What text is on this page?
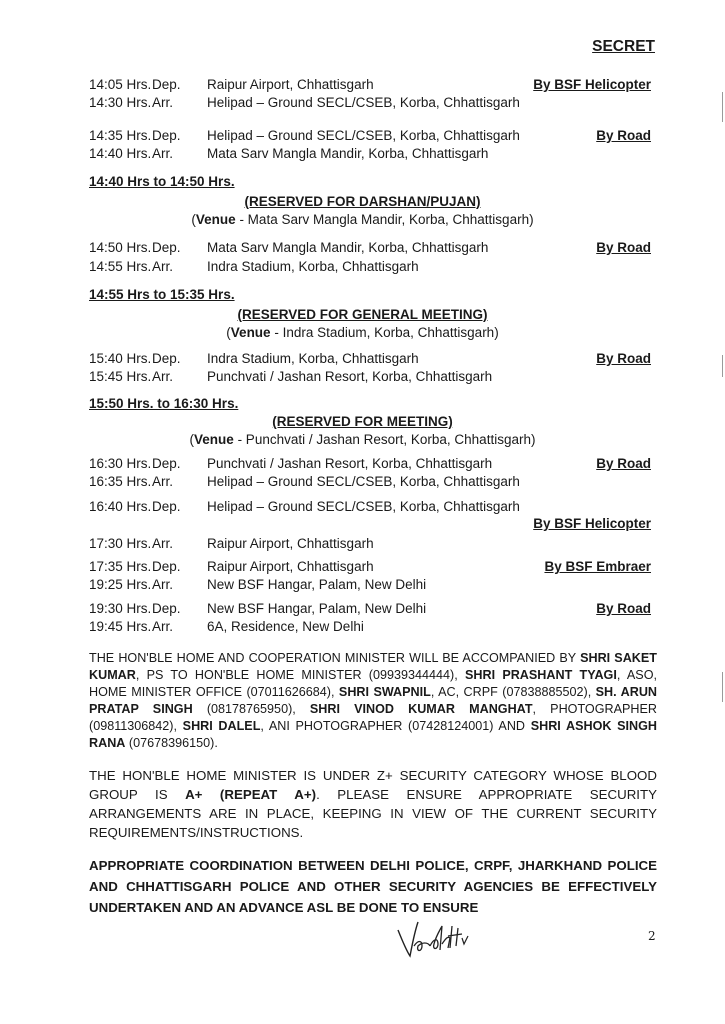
SECRET
14:05 Hrs. Dep. Raipur Airport, Chhattisgarh	By BSF Helicopter
14:30 Hrs. Arr.	Helipad – Ground SECL/CSEB, Korba, Chhattisgarh
14:35 Hrs. Dep. Helipad – Ground SECL/CSEB, Korba, Chhattisgarh	By Road
14:40 Hrs. Arr.	Mata Sarv Mangla Mandir, Korba, Chhattisgarh
14:40 Hrs to 14:50 Hrs.
(RESERVED FOR DARSHAN/PUJAN)
(Venue - Mata Sarv Mangla Mandir, Korba, Chhattisgarh)
14:50 Hrs. Dep. Mata Sarv Mangla Mandir, Korba, Chhattisgarh	By Road
14:55 Hrs. Arr.	Indra Stadium, Korba, Chhattisgarh
14:55 Hrs to 15:35 Hrs.
(RESERVED FOR GENERAL MEETING)
(Venue - Indra Stadium, Korba, Chhattisgarh)
15:40 Hrs. Dep. Indra Stadium, Korba, Chhattisgarh	By Road
15:45 Hrs. Arr.	Punchvati / Jashan Resort, Korba, Chhattisgarh
15:50 Hrs. to 16:30 Hrs.
(RESERVED FOR MEETING)
(Venue - Punchvati / Jashan Resort, Korba, Chhattisgarh)
16:30 Hrs. Dep. Punchvati / Jashan Resort, Korba, Chhattisgarh	By Road
16:35 Hrs. Arr.	Helipad – Ground SECL/CSEB, Korba, Chhattisgarh
16:40 Hrs. Dep. Helipad – Ground SECL/CSEB, Korba, Chhattisgarh
By BSF Helicopter
17:30 Hrs. Arr.	Raipur Airport, Chhattisgarh
17:35 Hrs. Dep. Raipur Airport, Chhattisgarh	By BSF Embraer
19:25 Hrs. Arr.	New BSF Hangar, Palam, New Delhi
19:30 Hrs. Dep. New BSF Hangar, Palam, New Delhi	By Road
19:45 Hrs. Arr.	6A, Residence, New Delhi
THE HON'BLE HOME AND COOPERATION MINISTER WILL BE ACCOMPANIED BY SHRI SAKET KUMAR, PS TO HON'BLE HOME MINISTER (09939344444), SHRI PRASHANT TYAGI, ASO, HOME MINISTER OFFICE (07011626684), SHRI SWAPNIL, AC, CRPF (07838885502), SH. ARUN PRATAP SINGH (08178765950), SHRI VINOD KUMAR MANGHAT, PHOTOGRAPHER (09811306842), SHRI DALEL, ANI PHOTOGRAPHER (07428124001) AND SHRI ASHOK SINGH RANA (07678396150).
THE HON'BLE HOME MINISTER IS UNDER Z+ SECURITY CATEGORY WHOSE BLOOD GROUP IS A+ (REPEAT A+). PLEASE ENSURE APPROPRIATE SECURITY ARRANGEMENTS ARE IN PLACE, KEEPING IN VIEW OF THE CURRENT SECURITY REQUIREMENTS/INSTRUCTIONS.
APPROPRIATE COORDINATION BETWEEN DELHI POLICE, CRPF, JHARKHAND POLICE AND CHHATTISGARH POLICE AND OTHER SECURITY AGENCIES BE EFFECTIVELY UNDERTAKEN AND AN ADVANCE ASL BE DONE TO ENSURE
2
